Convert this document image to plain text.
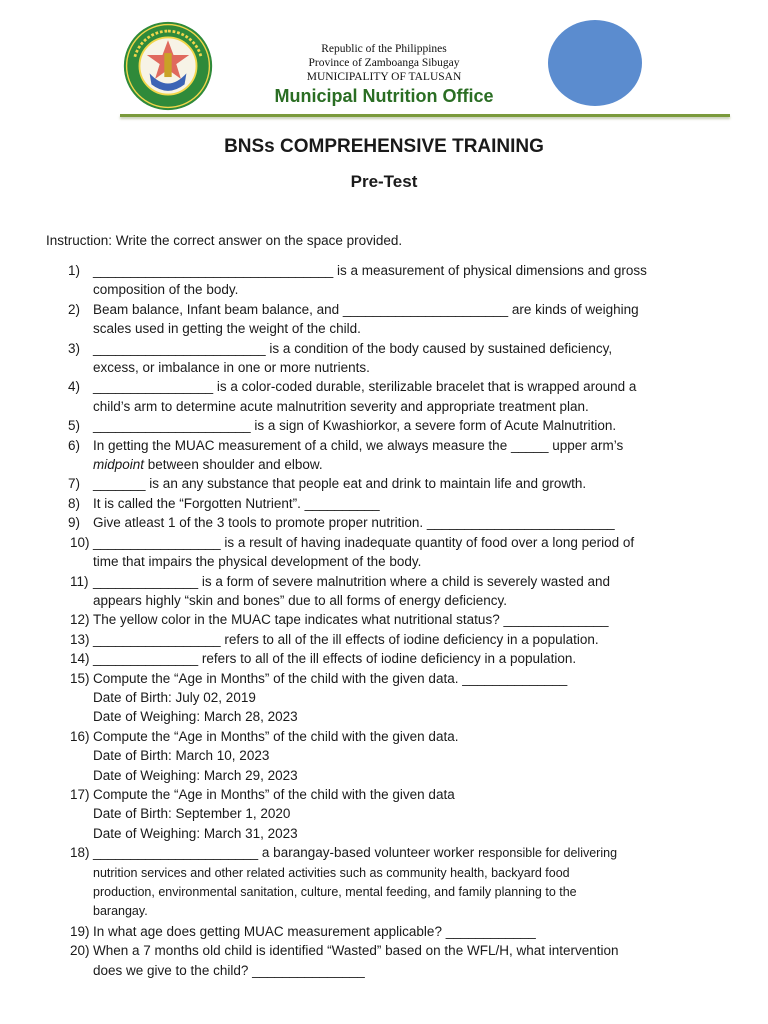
Republic of the Philippines
Province of Zamboanga Sibugay
MUNICIPALITY OF TALUSAN
Municipal Nutrition Office
BNSs COMPREHENSIVE TRAINING
Pre-Test
Instruction: Write the correct answer on the space provided.
1) ________________________________ is a measurement of physical dimensions and gross
composition of the body.
2) Beam balance, Infant beam balance, and ______________________ are kinds of weighing
scales used in getting the weight of the child.
3) _______________________ is a condition of the body caused by sustained deficiency,
excess, or imbalance in one or more nutrients.
4) ________________ is a color-coded durable, sterilizable bracelet that is wrapped around a
child’s arm to determine acute malnutrition severity and appropriate treatment plan.
5) _____________________ is a sign of Kwashiorkor, a severe form of Acute Malnutrition.
6) In getting the MUAC measurement of a child, we always measure the _____ upper arm’s
midpoint between shoulder and elbow.
7) _______ is an any substance that people eat and drink to maintain life and growth.
8) It is called the “Forgotten Nutrient”. __________
9) Give atleast 1 of the 3 tools to promote proper nutrition. _________________________
10) _________________ is a result of having inadequate quantity of food over a long period of
time that impairs the physical development of the body.
11) ______________ is a form of severe malnutrition where a child is severely wasted and
appears highly “skin and bones” due to all forms of energy deficiency.
12) The yellow color in the MUAC tape indicates what nutritional status? ______________
13) _________________ refers to all of the ill effects of iodine deficiency in a population.
14) ______________ refers to all of the ill effects of iodine deficiency in a population.
15) Compute the “Age in Months” of the child with the given data. ______________
Date of Birth: July 02, 2019
Date of Weighing: March 28, 2023
16) Compute the “Age in Months” of the child with the given data.
Date of Birth: March 10, 2023
Date of Weighing: March 29, 2023
17) Compute the “Age in Months” of the child with the given data
Date of Birth: September 1, 2020
Date of Weighing: March 31, 2023
18) ______________________ a barangay-based volunteer worker responsible for delivering
nutrition services and other related activities such as community health, backyard food
production, environmental sanitation, culture, mental feeding, and family planning to the
barangay.
19) In what age does getting MUAC measurement applicable? ____________
20) When a 7 months old child is identified “Wasted” based on the WFL/H, what intervention
does we give to the child? _______________
